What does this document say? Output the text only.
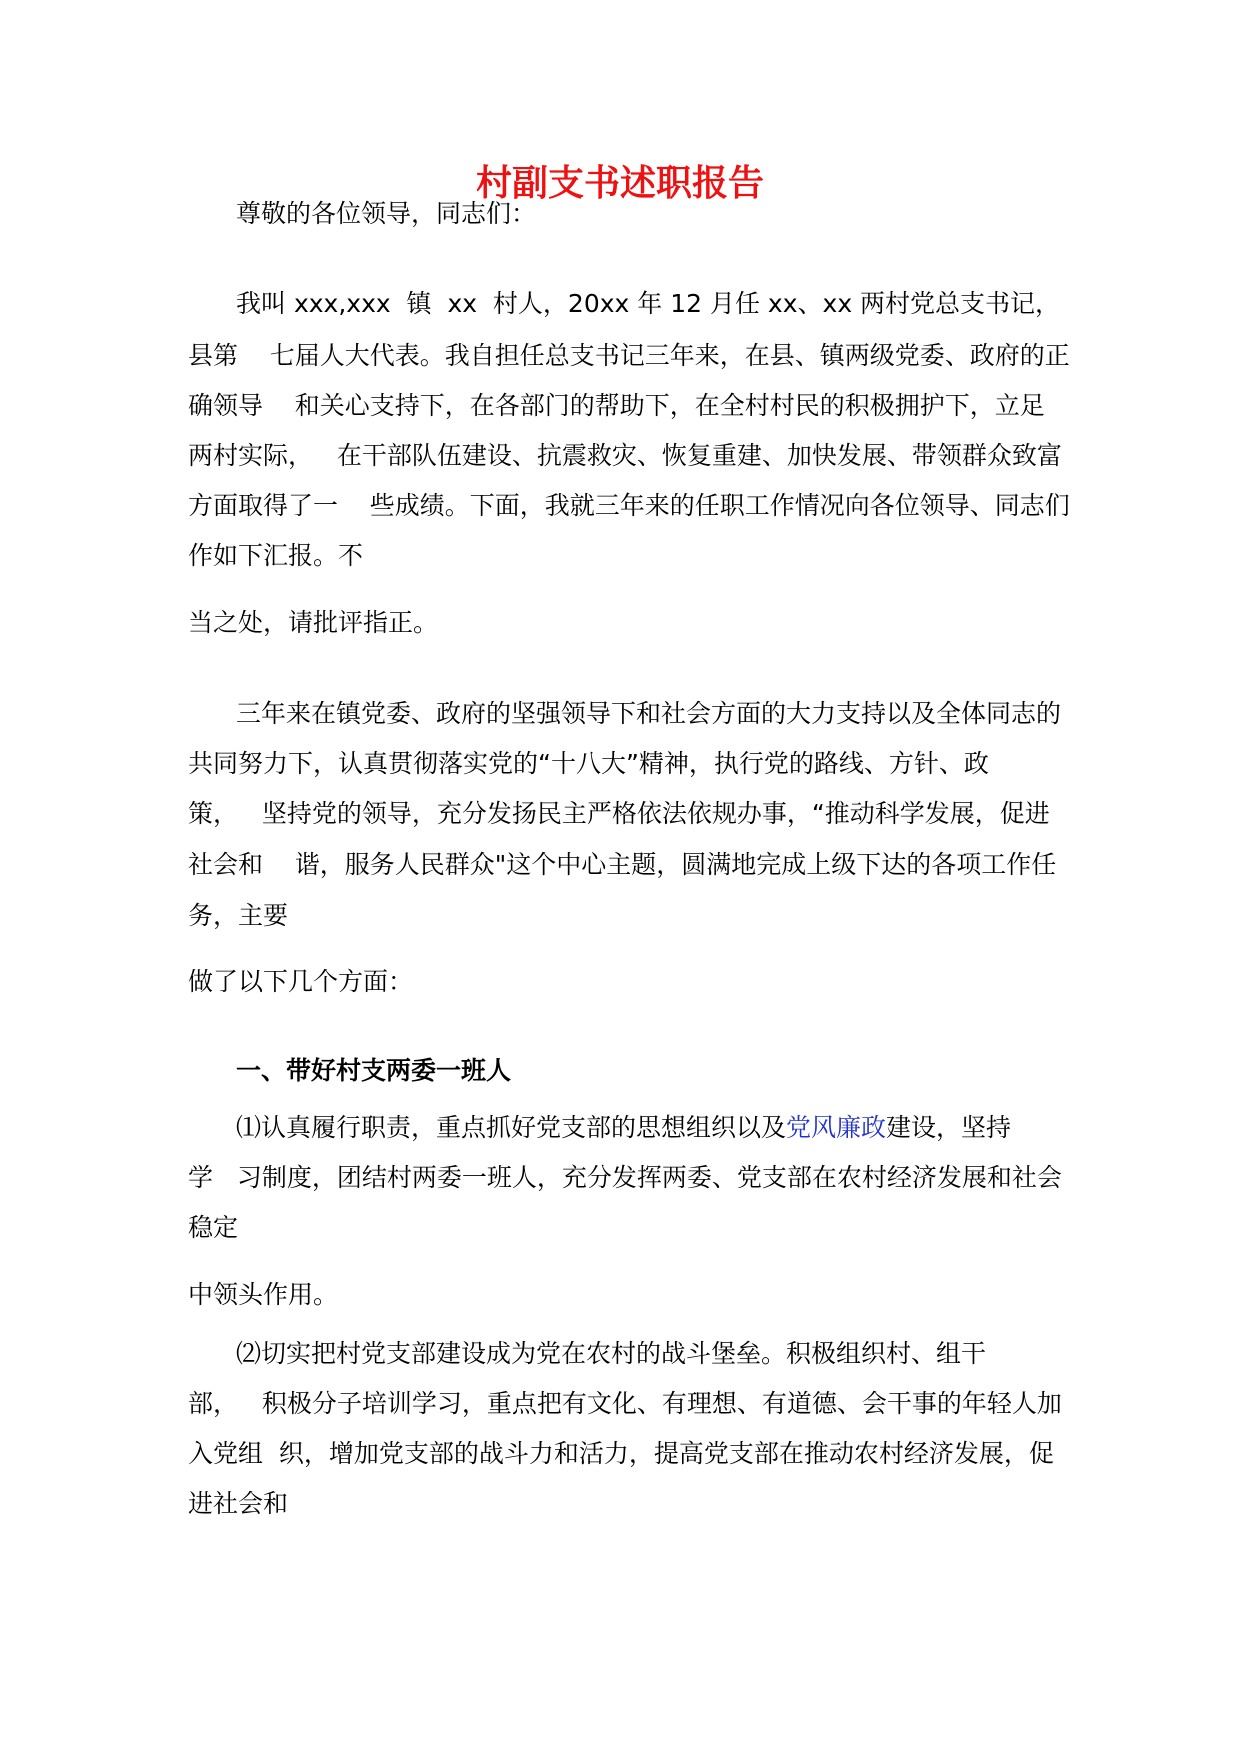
村副支书述职报告
尊敬的各位领导，同志们：
我叫 xxx,xxx  镇  xx  村人，20xx 年 12 月任 xx、xx 两村党总支书记，
县第    七届人大代表。我自担任总支书记三年来，在县、镇两级党委、政府的正
确领导    和关心支持下，在各部门的帮助下，在全村村民的积极拥护下，立足
两村实际，   在干部队伍建设、抗震救灾、恢复重建、加快发展、带领群众致富
方面取得了一    些成绩。下面，我就三年来的任职工作情况向各位领导、同志们
作如下汇报。不
当之处，请批评指正。
三年来在镇党委、政府的坚强领导下和社会方面的大力支持以及全体同志的
共同努力下，认真贯彻落实党的“十八大”精神，执行党的路线、方针、政
策，   坚持党的领导，充分发扬民主严格依法依规办事，“推动科学发展，促进
社会和    谐，服务人民群众"这个中心主题，圆满地完成上级下达的各项工作任
务，主要
做了以下几个方面：
一、带好村支两委一班人
⑴认真履行职责，重点抓好党支部的思想组织以及党风廉政建设，坚持
学   习制度，团结村两委一班人，充分发挥两委、党支部在农村经济发展和社会
稳定
中领头作用。
⑵切实把村党支部建设成为党在农村的战斗堡垒。积极组织村、组干
部，   积极分子培训学习，重点把有文化、有理想、有道德、会干事的年轻人加
入党组  织，增加党支部的战斗力和活力，提高党支部在推动农村经济发展，促
进社会和
